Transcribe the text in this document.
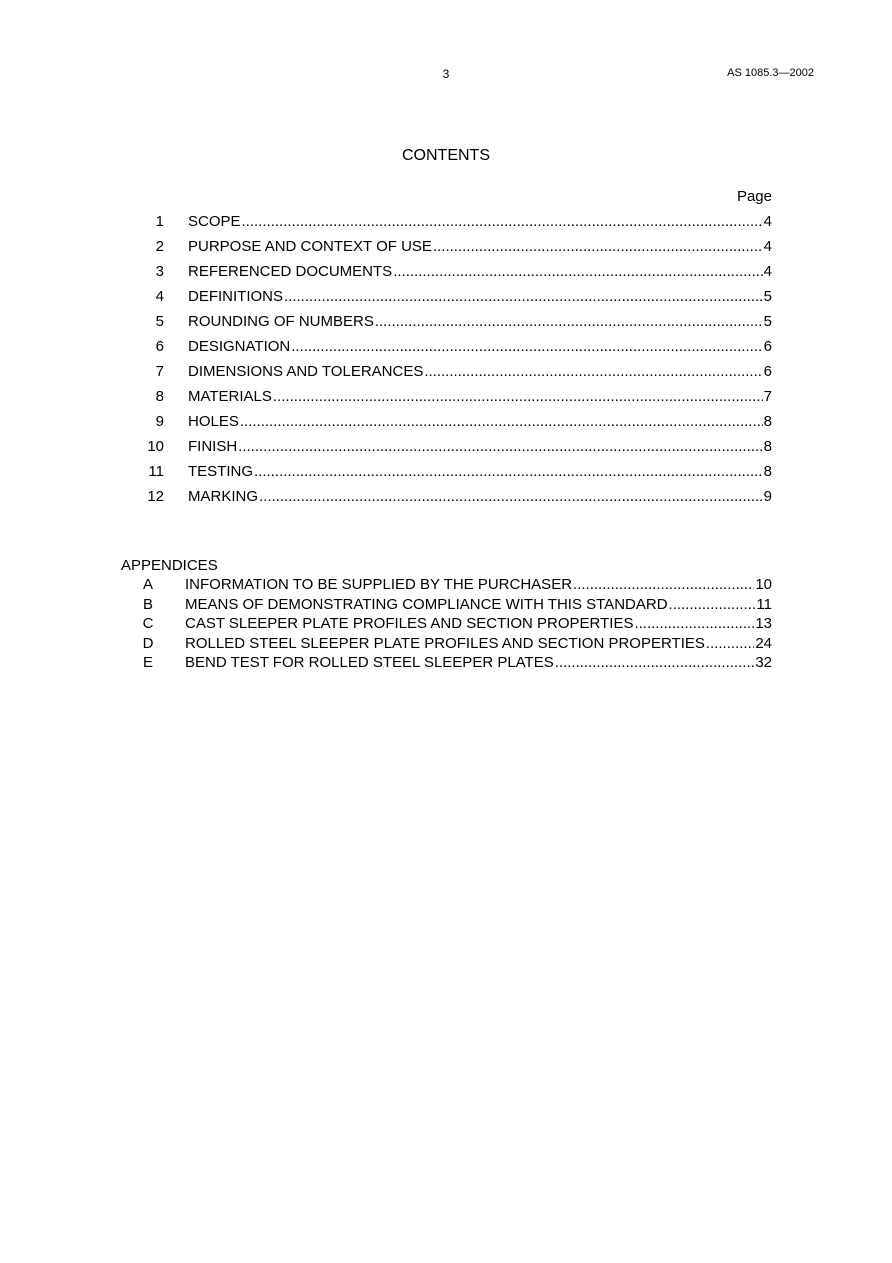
3	AS 1085.3—2002
CONTENTS
Page
1 SCOPE .....	4
2 PURPOSE AND CONTEXT OF USE .....	4
3 REFERENCED DOCUMENTS .....	4
4 DEFINITIONS .....	5
5 ROUNDING OF NUMBERS .....	5
6 DESIGNATION .....	6
7 DIMENSIONS AND TOLERANCES .....	6
8 MATERIALS .....	7
9 HOLES .....	8
10 FINISH .....	8
11 TESTING .....	8
12 MARKING .....	9
APPENDICES
A	INFORMATION TO BE SUPPLIED BY THE PURCHASER .....	10
B	MEANS OF DEMONSTRATING COMPLIANCE WITH THIS STANDARD .....	11
C	CAST SLEEPER PLATE PROFILES AND SECTION PROPERTIES .....	13
D	ROLLED STEEL SLEEPER PLATE PROFILES AND SECTION PROPERTIES .....	24
E	BEND TEST FOR ROLLED STEEL SLEEPER PLATES .....	32
